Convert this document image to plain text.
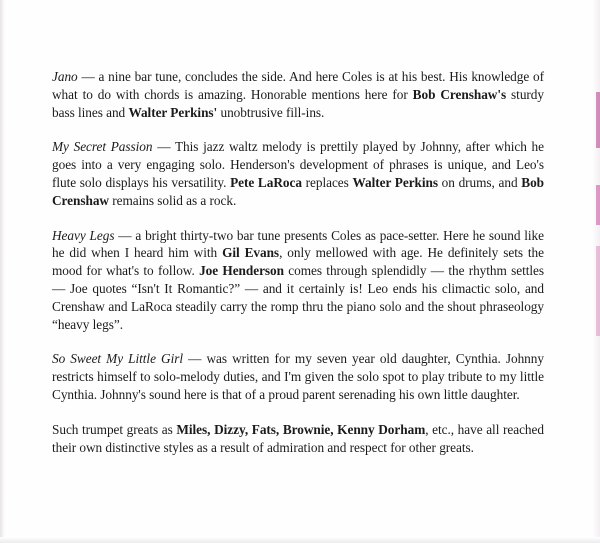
Jano — a nine bar tune, concludes the side. And here Coles is at his best. His knowledge of what to do with chords is amazing. Honorable mentions here for Bob Crenshaw's sturdy bass lines and Walter Perkins' unobtrusive fill-ins.

My Secret Passion — This jazz waltz melody is prettily played by Johnny, after which he goes into a very engaging solo. Henderson's development of phrases is unique, and Leo's flute solo displays his versatility. Pete LaRoca replaces Walter Perkins on drums, and Bob Crenshaw remains solid as a rock.

Heavy Legs — a bright thirty-two bar tune presents Coles as pace-setter. Here he sound like he did when I heard him with Gil Evans, only mellowed with age. He definitely sets the mood for what's to follow. Joe Henderson comes through splendidly — the rhythm settles — Joe quotes “Isn't It Romantic?” — and it certainly is! Leo ends his climactic solo, and Crenshaw and LaRoca steadily carry the romp thru the piano solo and the shout phraseology “heavy legs”.

So Sweet My Little Girl — was written for my seven year old daughter, Cynthia. Johnny restricts himself to solo-melody duties, and I'm given the solo spot to play tribute to my little Cynthia. Johnny's sound here is that of a proud parent serenading his own little daughter.

Such trumpet greats as Miles, Dizzy, Fats, Brownie, Kenny Dorham, etc., have all reached their own distinctive styles as a result of admiration and respect for other greats.
